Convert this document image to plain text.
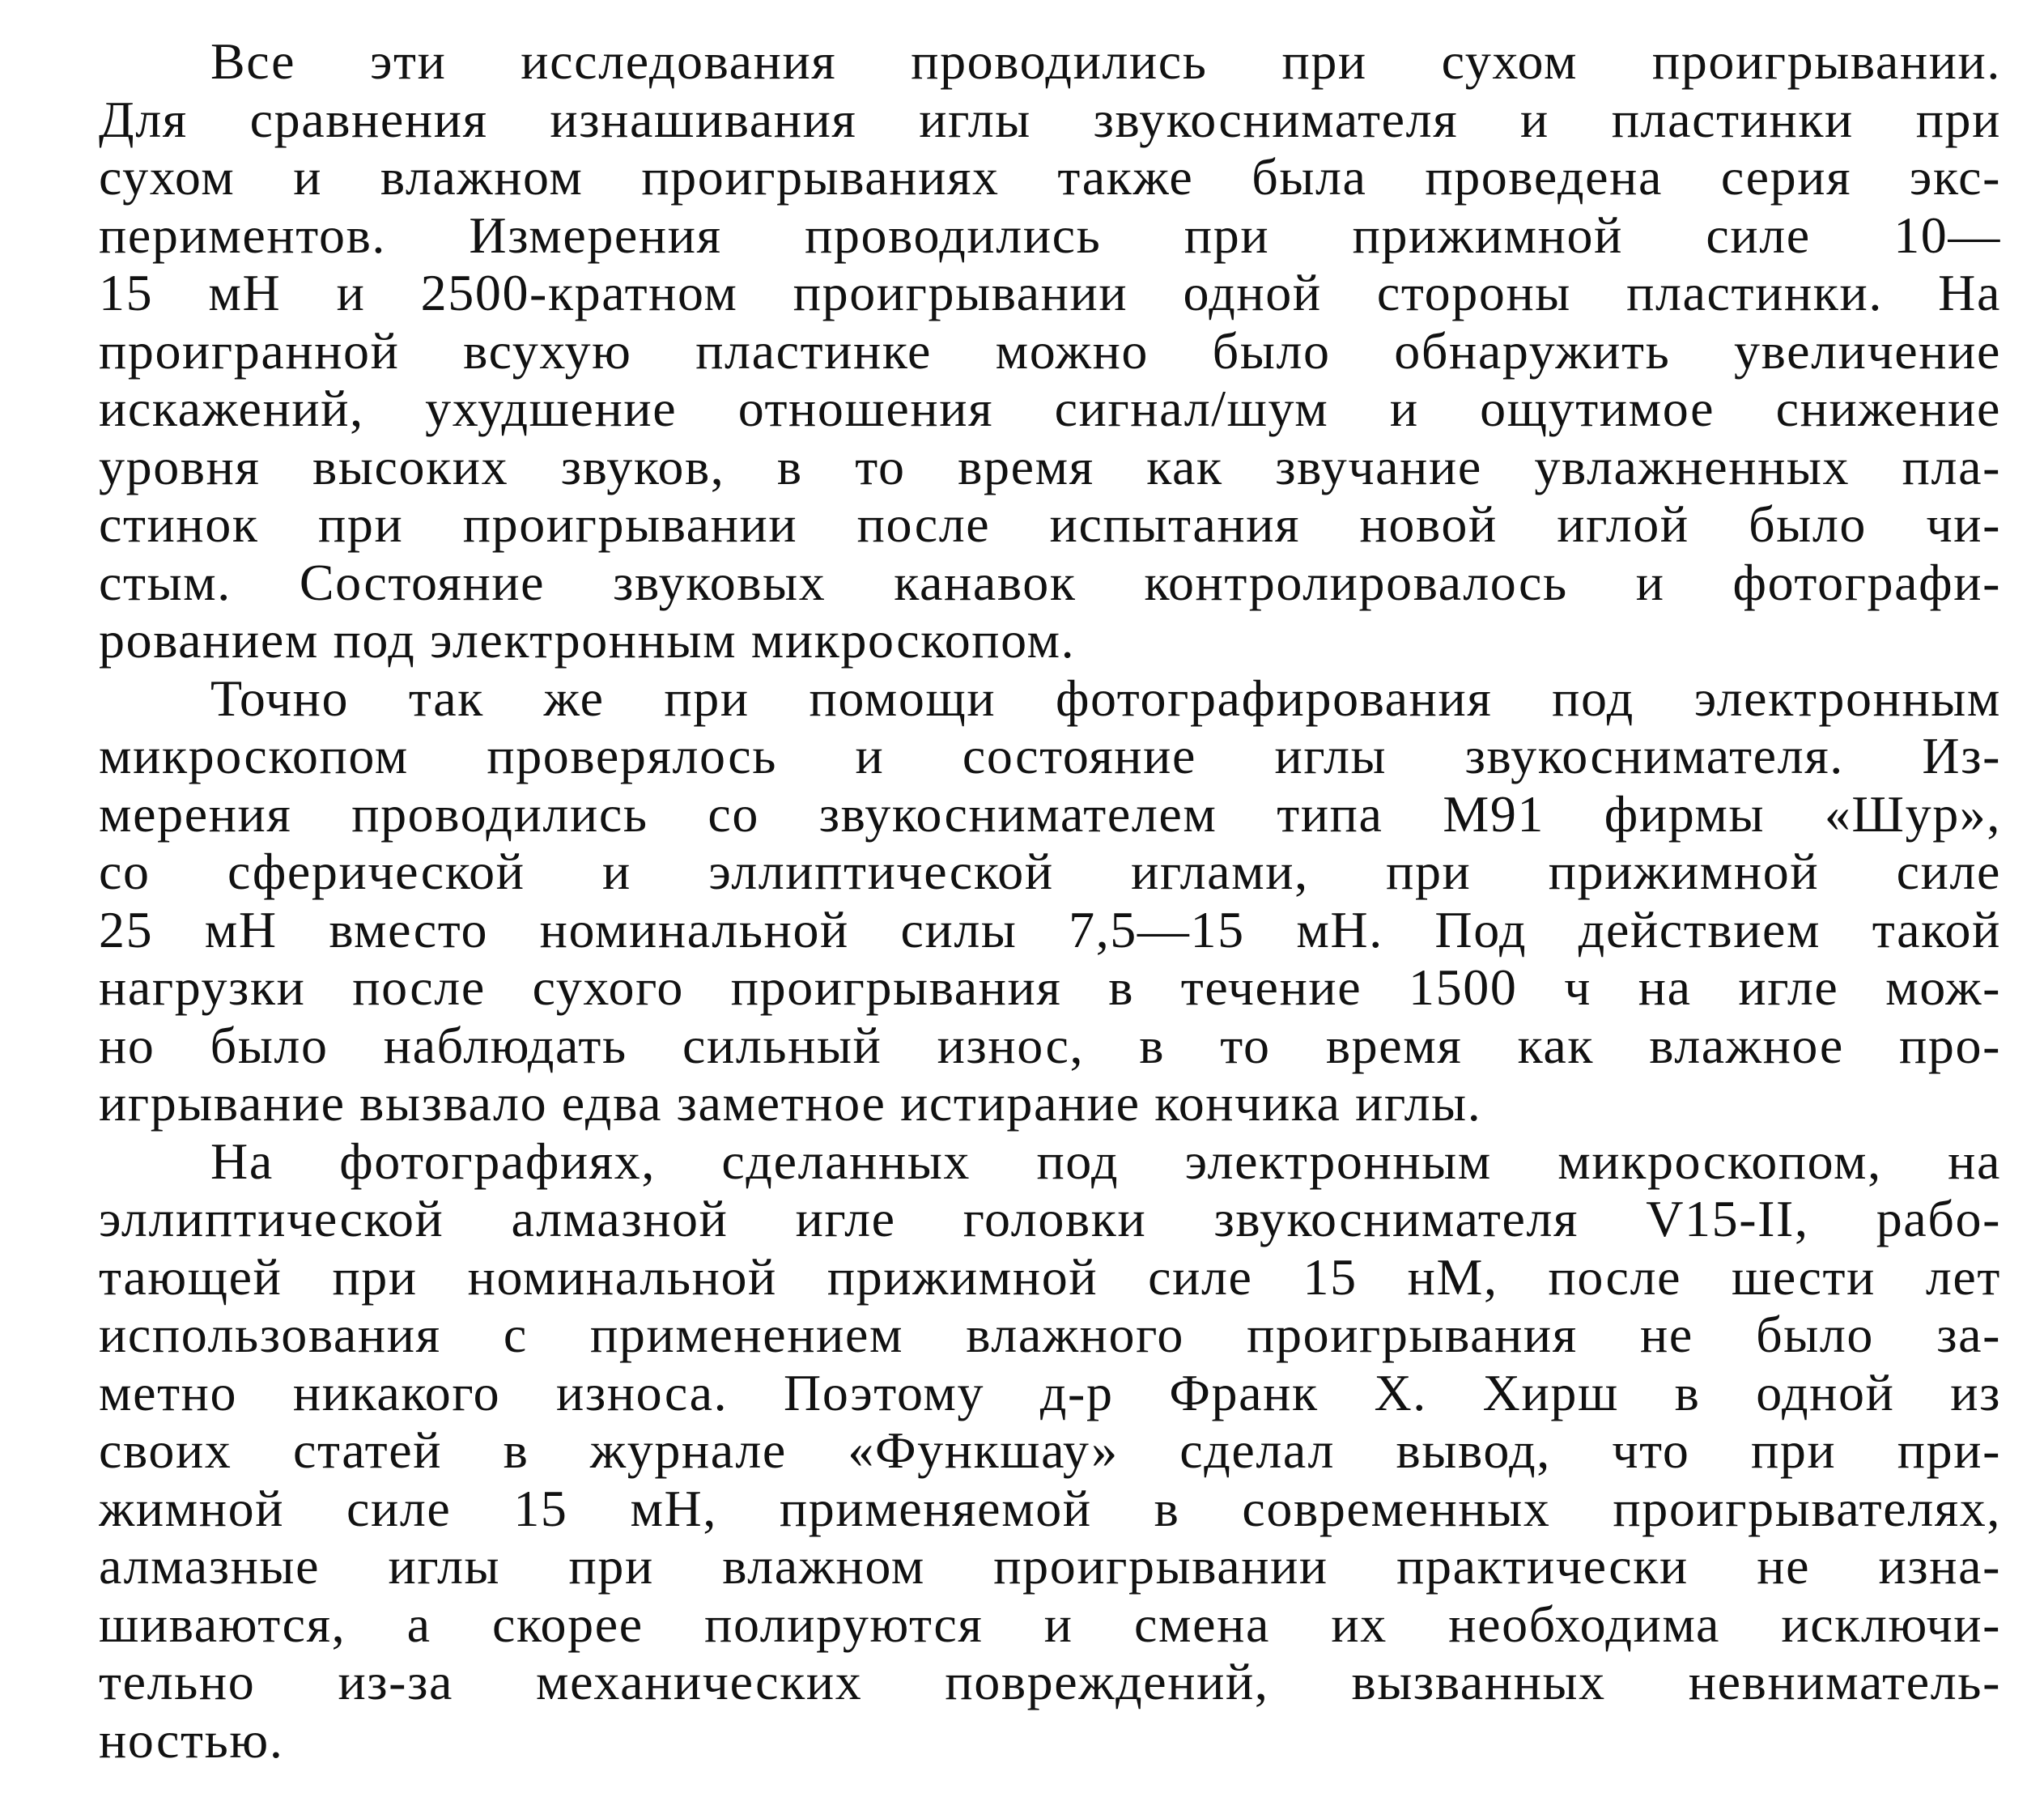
Все эти исследования проводились при сухом проигрывании.
Для сравнения изнашивания иглы звукоснимателя и пластинки при
сухом и влажном проигрываниях также была проведена серия экс-
периментов. Измерения проводились при прижимной силе 10—
15 мН и 2500-кратном проигрывании одной стороны пластинки. На
проигранной всухую пластинке можно было обнаружить увеличение
искажений, ухудшение отношения сигнал/шум и ощутимое снижение
уровня высоких звуков, в то время как звучание увлажненных пла-
стинок при проигрывании после испытания новой иглой было чи-
стым. Состояние звуковых канавок контролировалось и фотографи-
рованием под электронным микроскопом.
Точно так же при помощи фотографирования под электронным
микроскопом проверялось и состояние иглы звукоснимателя. Из-
мерения проводились со звукоснимателем типа М91 фирмы «Шур»,
со сферической и эллиптической иглами, при прижимной силе
25 мН вместо номинальной силы 7,5—15 мН. Под действием такой
нагрузки после сухого проигрывания в течение 1500 ч на игле мож-
но было наблюдать сильный износ, в то время как влажное про-
игрывание вызвало едва заметное истирание кончика иглы.
На фотографиях, сделанных под электронным микроскопом, на
эллиптической алмазной игле головки звукоснимателя V15-II, рабо-
тающей при номинальной прижимной силе 15 нМ, после шести лет
использования с применением влажного проигрывания не было за-
метно никакого износа. Поэтому д-р Франк X. Хирш в одной из
своих статей в журнале «Функшау» сделал вывод, что при при-
жимной силе 15 мН, применяемой в современных проигрывателях,
алмазные иглы при влажном проигрывании практически не изна-
шиваются, а скорее полируются и смена их необходима исключи-
тельно из-за механических повреждений, вызванных невниматель-
ностью.
